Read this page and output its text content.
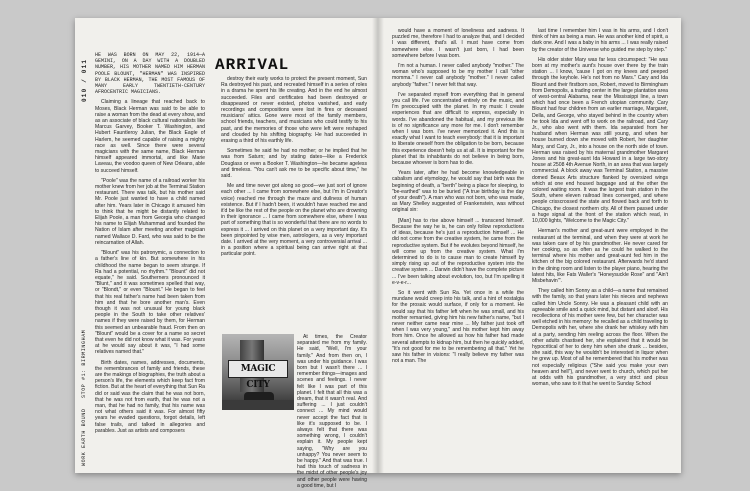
010 / 011
WORK EARTH BOUND
STOP #1: BIRMINGHAM
ARRIVAL

HE WAS BORN ON MAY 22, 1914—A GEMINI, ON A DAY WITH A DOUBLED NUMBER, HIS MOTHER NAMED HIM HERMAN POOLE BLOUNT, "HERMAN" WAS INSPIRED BY BLACK HERMAN, THE MOST FAMOUS OF MANY EARLY TWENTIETH-CENTURY AFROCENTRIC MAGICIANS.

Claiming a lineage that reached back to Moses, Black Herman was said to be able to raise a woman from the dead at every show, and as an associate of black cultural nationalists like Marcus Garvey, Booker T. Washington, and Hubert Fauntleroy Julian, the Black Eagle of Harlem, he seemed capable of raising a mighty race as well. Since there were several magicians with the same name, Black Herman himself appeared immortal, and like Marie Laveau, the voodoo queen of New Orleans, able to succeed himself.

"Poole" was the name of a railroad worker his mother knew from her job at the Terminal Station restaurant. There was talk, but his mother said Mr. Poole just wanted to have a child named after him. Years later in Chicago it amused him to think that he might be distantly related to Elijah Poole, a man from Georgia who changed his name to Elijah Muhammad and founded the Nation of Islam after meeting another magician named Wallace D. Fard, who was said to be the reincarnation of Allah.

"Blount" was his patronymic, a connection to a father's line of kin. But somewhere in his childhood the name began to seem strange. If Ra had a potential, no rhythm." "Blount" did not equate," he said. Southerners pronounced it "Blunt," and it was sometimes spelled that way, or "Blondt," or even "Blount." He began to feel that his real father's name had been taken from him and that he bore another man's. Even though it was not unusual for young black people in the South to take other relatives' names if they were raised by them, for Herman this seemed an unbearable fraud. From then on "Blount" would be a cover for a name so secret that even he did not know what it was. For years at he would say about it was, "I had some relatives named that."

Birth dates, names, addresses, documents, the remembrances of family and friends, these are the makings of biographies, the truth about a person's life, the elements which keep fact from fiction. But at the heart of everything that Sun Ra did or said was the claim that he was not born, that he was not from earth, that he was not a man, that he had no family, that his name was not what others said it was. For almost fifty years he evaded questions, forgot details, left false trails, and talked in allegories and parables. Just as artists and composers

destroy their early works to protect the present moment, Sun Ra destroyed his past, and recreated himself in a series of roles in a drama he spent his life creating. And in the end he almost succeeded. Files and certificates had been destroyed or disappeared or never existed, photos vanished, and early recordings and compositions were lost in fires or deceased musicians' attics. Gone were most of the family members, school friends, teachers, and musicians who could testify to his past, and the memories of those who were left were reshaped and clouded by his shifting biography. He had succeeded in erasing a third of his earthly life.

Sometimes he said he had no mother; or he implied that he was from Saturn; and by stating dates—like a Frederick Douglass or even a Booker T. Washington—he became ageless and timeless. "You can't ask me to be specific about time," he said.

Me and time never got along so good—we just sort of ignore each other ... I came from somewhere else, but I'm in Creator's voice) reached me through the maze and dullness of human existence. But if I hadn't been, it wouldn't have reached me and it'd be like the rest of the people on the planet who are drowning in their ignorance ... I came from somewhere else, where I was part of something that is so wonderful that there are no words to express it ... I arrived on this planet on a very important day. It's been pinpointed by wise men, astrologers, as a very important date. I arrived at the very moment, a very controversial arrival ... in a position where a spiritual being can arrive right at that particular point.

At times, the Creator separated me from my family. He said, "Well, I'm your family." And from then on, I was under his guidance. I was born but I wasn't there ... I remember things—images and scenes and feelings. I never felt like I was part of this planet. I felt that all this was a dream, that it wasn't real. And suffering ... I just couldn't connect ... My mind would never accept the fact that is like it's supposed to be. I always felt that there was something wrong, I couldn't explain it. My people kept saying, "Why are you unhappy? You never seem to be happy." And that was true. I had this touch of sadness in the midst of other people's joy and other people were having a good time, but I

MAGIC CITY

would have a moment of loneliness and sadness. It puzzled me, therefore I had to analyze that, and I decided I was different, that's all. I must have come from somewhere else. I wasn't just born, I had been somewhere before I was born.

I'm not a human. I never called anybody "mother." The woman who's supposed to be my mother I call "other momma." I never call anybody "mother." I never called anybody "father." I never felt that way.

I've separated myself from everything that in general you call life. I've concentrated entirely on the music, and I'm preoccupied with the planet. In my music I create experiences that are difficult to express, especially in words. I've abandoned the habitual, and my previous life is of no significance any more for me. I don't remember when I was born. I've never memorized it. And this is exactly what I want to teach everybody: that it is important to liberate oneself from the obligation to be born, because this experience doesn't help us at all. It is important for the planet that its inhabitants do not believe in being born, because whoever is born has to die.

Years later, after he had become knowledgeable in cabalism and etymology, he would say that birth was the beginning of death, a "berth" being a place for sleeping, to "be-earthed" was to be buried ("A true birthday is the day of your death"). A man who was not born, who was made, as Mary Shelley suggested of Frankenstein, was without original sin:

[Man] has to rise above himself ... transcend himself. Because the way he is, he can only follow reproductions of ideas, because he's just a reproduction himself ... He did not come from the creative system, he came from the reproductive system. But if he evolutes beyond himself, he will come up from the creative system. What I'm determined to do is to cause man to create himself by simply rising up out of the reproductive system into the creative system ... Darwin didn't have the complete picture ... I've been talking about evolution, too, but I'm spelling it e-v-e-r...

So it went with Sun Ra. Yet once in a while the mundane would creep into his talk, and a hint of nostalgia for the prosaic would surface, if only for a moment. He would say that his father left when he was small, and his mother remarried, giving him his new father's name, "but I never neither came near mine ... My father just took off when I was very young," and his mother kept him away from him. Once he allowed as how his father had made several attempts to kidnap him, but then he quickly added, "It's not good for me to be remembering all that." Yet he saw his father in visions: "I really believe my father was not a man. The

last time I remember him I was in his arms, and I don't think of him as being a man. He was another kind of spirit, a dark one. And I was a baby in his arms ... I was really raised by the creator of the Universe who guided me step by step."

His older sister Mary was far less circumspect: "He was born at my mother's aunt's house over there by the train station ... I know, 'cause I got on my knees and peeped through the keyhole. He's not from no Mars." Cary and Ida Blount and their firstborn son, Robert, moved to Birmingham from Demopolis, a trading center in the large plantation area of west-central Alabama, near the Mississippi line, a town which had once been a French utopian community. Cary Blount had four children from an earlier marriage, Margaret, Della, and George, who stayed behind in the country when he took Ida and went off to work on the railroad, and Cary Jr., who also went with them. Ida separated from her husband when Herman was still young, and when her house burned down she moved with Robert, her daughter Mary, and Cary, Jr., into a house on the north side of town. Herman was raised by his maternal grandmother Margaret Jones and his great-aunt Ida Howard in a large two-story house at 2508 4th Avenue North, in an area that was largely commercial. A block away was Terminal Station, a massive domed Beaux Arts structure flanked by oversized wings which at one end housed baggage and at the other the colored waiting room. It was the largest train station in the South, where eleven railroad lines converged, and where people crisscrossed the state and flowed back and forth to Chicago, the closest northern city. All of them passed under a huge signal at the front of the station which read, in 10,000 lights, "Welcome to the Magic City."

Herman's mother and great-aunt were employed in the restaurant at the terminal, and when they were at work he was taken care of by his grandmother. He never cared for her cooking, so as often as he could he walked to the terminal where his mother and great-aunt fed him in the kitchen of the big colored restaurant. Afterwards he'd stand in the dining room and listen to the player piano, hearing the latest hits, like Fats Waller's "Honeysuckle Rose" and "Ain't Misbehavin'".

They called him Sonny as a child—a name that remained with the family, so that years later his nieces and nephews called him Uncle Sonny. He was a pleasant child with an agreeable smile and a quick mind, but distant and aloof. His recollections of his mother were few, but her character was well etched in his memory: he recalled as a child traveling to Demopolis with her, where she drank her whiskey with him at a party, sending him reeling across the floor. When the other adults chastised her, she explained that it would be hypocritical of her to deny him when she drank ... besides, she said, this way he wouldn't be interested in liquor when he grew up. Most of all he remembered that his mother was not especially religious ("She said you make your own heaven and hell"), and never went to church, which put her at odds with his grandmother, a very strict and pious woman, who saw to it that he went to Sunday School
